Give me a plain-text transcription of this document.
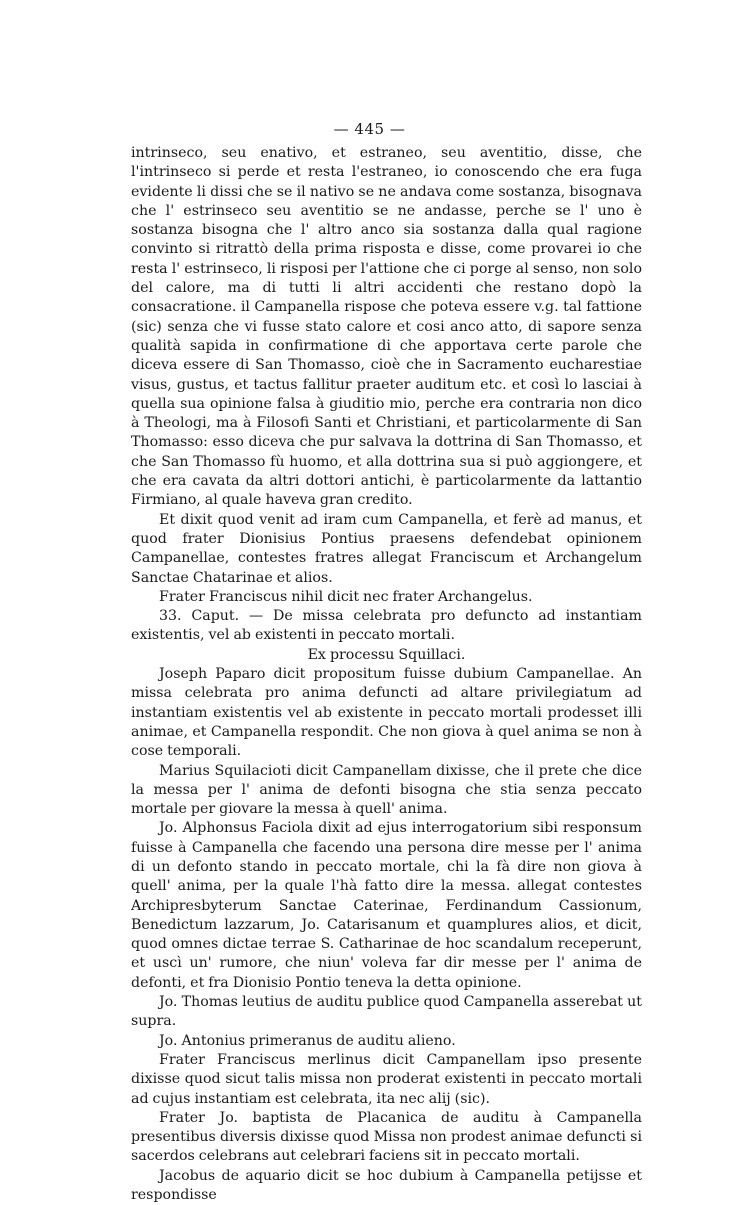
— 445 —

intrinseco, seu enativo, et estraneo, seu aventitio, disse, che l'intrinseco si perde et resta l'estraneo, io conoscendo che era fuga evidente li dissi che se il nativo se ne andava come sostanza, bisognava che l' estrinseco seu aventitio se ne andasse, perche se l' uno è sostanza bisogna che l' altro anco sia sostanza dalla qual ragione convinto si ritrattò della prima risposta e disse, come provarei io che resta l' estrinseco, li risposi per l'attione che ci porge al senso, non solo del calore, ma di tutti li altri accidenti che restano dopò la consacratione. il Campanella rispose che poteva essere v.g. tal fattione (sic) senza che vi fusse stato calore et cosi anco atto, di sapore senza qualità sapida in confirmatione di che apportava certe parole che diceva essere di San Thomasso, cioè che in Sacramento eucharestiae visus, gustus, et tactus fallitur praeter auditum etc. et così lo lasciai à quella sua opinione falsa à giuditio mio, perche era contraria non dico à Theologi, ma à Filosofi Santi et Christiani, et particolarmente di San Thomasso: esso diceva che pur salvava la dottrina di San Thomasso, et che San Thomasso fù huomo, et alla dottrina sua si può aggiongere, et che era cavata da altri dottori antichi, è particolarmente da lattantio Firmiano, al quale haveva gran credito.

Et dixit quod venit ad iram cum Campanella, et ferè ad manus, et quod frater Dionisius Pontius praesens defendebat opinionem Campanellae, contestes fratres allegat Franciscum et Archangelum Sanctae Chatarinae et alios.

Frater Franciscus nihil dicit nec frater Archangelus.

33. Caput. — De missa celebrata pro defuncto ad instantiam existentis, vel ab existenti in peccato mortali.

Ex processu Squillaci.

Joseph Paparo dicit propositum fuisse dubium Campanellae. An missa celebrata pro anima defuncti ad altare privilegiatum ad instantiam existentis vel ab existente in peccato mortali prodesset illi animae, et Campanella respondit. Che non giova à quel anima se non à cose temporali.

Marius Squilacioti dicit Campanellam dixisse, che il prete che dice la messa per l' anima de defonti bisogna che stia senza peccato mortale per giovare la messa à quell' anima.

Jo. Alphonsus Faciola dixit ad ejus interrogatorium sibi responsum fuisse à Campanella che facendo una persona dire messe per l' anima di un defonto stando in peccato mortale, chi la fà dire non giova à quell' anima, per la quale l'hà fatto dire la messa. allegat contestes Archipresbyterum Sanctae Caterinae, Ferdinandum Cassionum, Benedictum lazzarum, Jo. Catarisanum et quamplures alios, et dicit, quod omnes dictae terrae S. Catharinae de hoc scandalum receperunt, et uscì un' rumore, che niun' voleva far dir messe per l' anima de defonti, et fra Dionisio Pontio teneva la detta opinione.

Jo. Thomas leutius de auditu publice quod Campanella asserebat ut supra.

Jo. Antonius primeranus de auditu alieno.

Frater Franciscus merlinus dicit Campanellam ipso presente dixisse quod sicut talis missa non proderat existenti in peccato mortali ad cujus instantiam est celebrata, ita nec alij (sic).

Frater Jo. baptista de Placanica de auditu à Campanella presentibus diversis dixisse quod Missa non prodest animae defuncti si sacerdos celebrans aut celebrari faciens sit in peccato mortali.

Jacobus de aquario dicit se hoc dubium à Campanella petijsse et respondisse
